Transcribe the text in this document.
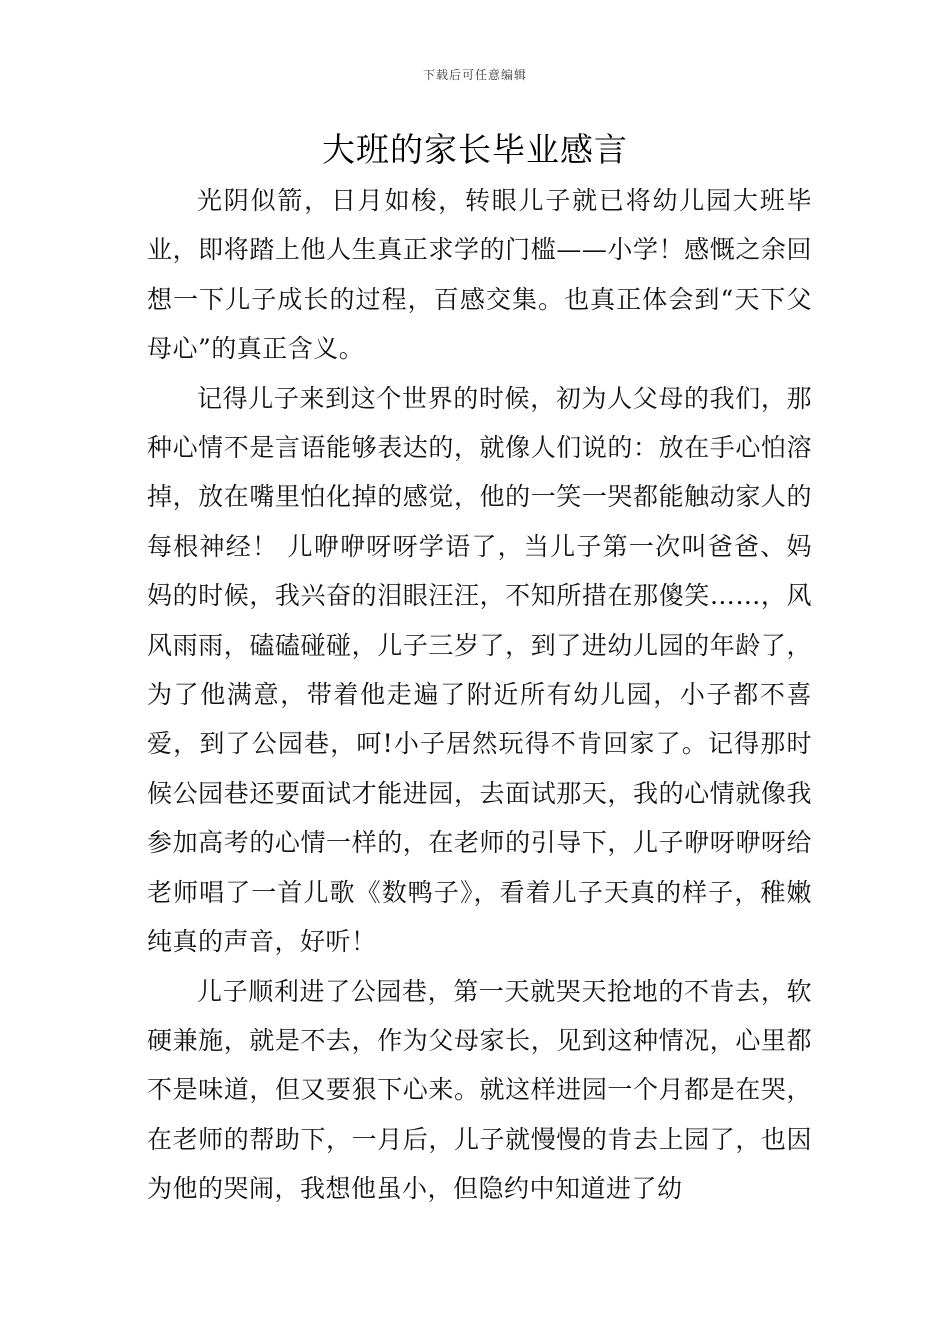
下载后可任意编辑
大班的家长毕业感言

光阴似箭，日月如梭，转眼儿子就已将幼儿园大班毕业，即将踏上他人生真正求学的门槛——小学！感慨之余回想一下儿子成长的过程，百感交集。也真正体会到“天下父母心”的真正含义。

记得儿子来到这个世界的时候，初为人父母的我们，那种心情不是言语能够表达的，就像人们说的：放在手心怕溶掉，放在嘴里怕化掉的感觉，他的一笑一哭都能触动家人的每根神经！ 儿咿咿呀呀学语了，当儿子第一次叫爸爸、妈妈的时候，我兴奋的泪眼汪汪，不知所措在那傻笑……，风风雨雨，磕磕碰碰，儿子三岁了，到了进幼儿园的年龄了，为了他满意，带着他走遍了附近所有幼儿园，小子都不喜爱，到了公园巷，呵!小子居然玩得不肯回家了。记得那时候公园巷还要面试才能进园，去面试那天，我的心情就像我参加高考的心情一样的，在老师的引导下，儿子咿呀咿呀给老师唱了一首儿歌《数鸭子》，看着儿子天真的样子，稚嫩纯真的声音，好听！

儿子顺利进了公园巷，第一天就哭天抢地的不肯去，软硬兼施，就是不去，作为父母家长，见到这种情况，心里都不是味道，但又要狠下心来。就这样进园一个月都是在哭，在老师的帮助下，一月后，儿子就慢慢的肯去上园了，也因为他的哭闹，我想他虽小，但隐约中知道进了幼
